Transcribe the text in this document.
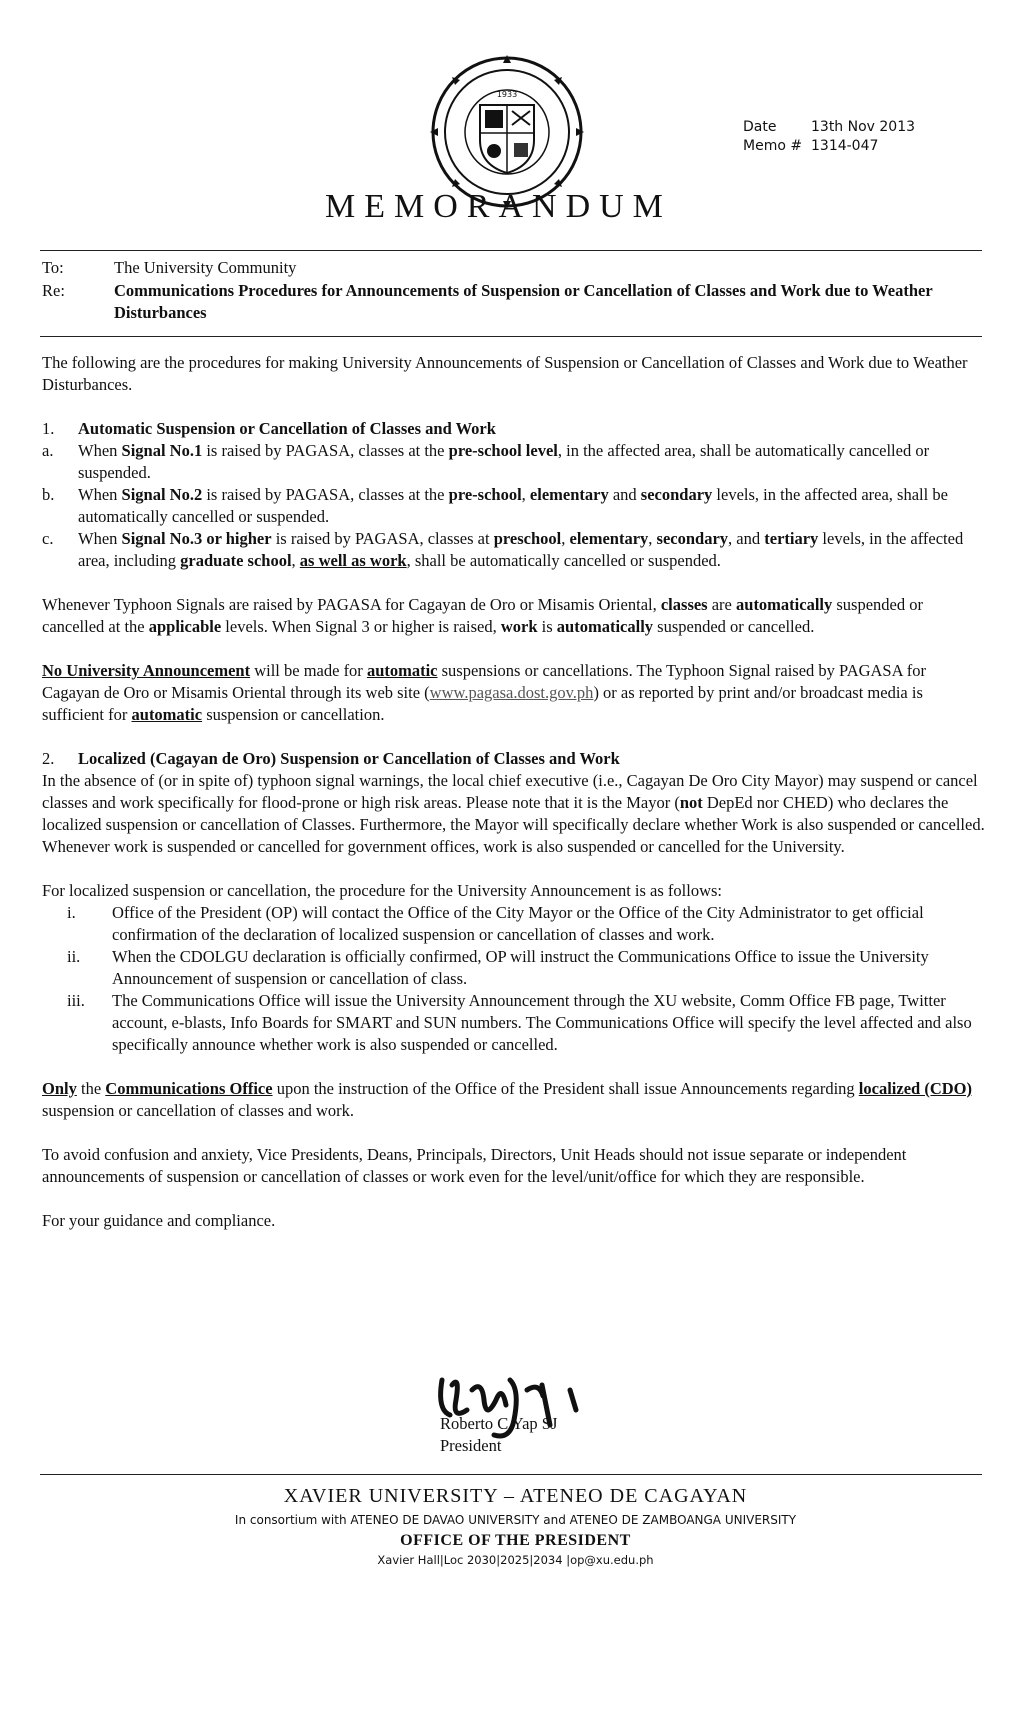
1933
Date 13th Nov 2013
Memo # 1314-047
MEMORANDUM
To:	The University Community
Re:	Communications Procedures for Announcements of Suspension or Cancellation of Classes and Work due to Weather Disturbances

The following are the procedures for making University Announcements of Suspension or Cancellation of Classes and Work due to Weather Disturbances.

1. Automatic Suspension or Cancellation of Classes and Work
a. When Signal No.1 is raised by PAGASA, classes at the pre-school level, in the affected area, shall be automatically cancelled or suspended.
b. When Signal No.2 is raised by PAGASA, classes at the pre-school, elementary and secondary levels, in the affected area, shall be automatically cancelled or suspended.
c. When Signal No.3 or higher is raised by PAGASA, classes at preschool, elementary, secondary, and tertiary levels, in the affected area, including graduate school, as well as work, shall be automatically cancelled or suspended.

Whenever Typhoon Signals are raised by PAGASA for Cagayan de Oro or Misamis Oriental, classes are automatically suspended or cancelled at the applicable levels. When Signal 3 or higher is raised, work is automatically suspended or cancelled.

No University Announcement will be made for automatic suspensions or cancellations. The Typhoon Signal raised by PAGASA for Cagayan de Oro or Misamis Oriental through its web site (www.pagasa.dost.gov.ph) or as reported by print and/or broadcast media is sufficient for automatic suspension or cancellation.

2. Localized (Cagayan de Oro) Suspension or Cancellation of Classes and Work

In the absence of (or in spite of) typhoon signal warnings, the local chief executive (i.e., Cagayan De Oro City Mayor) may suspend or cancel classes and work specifically for flood-prone or high risk areas. Please note that it is the Mayor (not DepEd nor CHED) who declares the localized suspension or cancellation of Classes. Furthermore, the Mayor will specifically declare whether Work is also suspended or cancelled. Whenever work is suspended or cancelled for government offices, work is also suspended or cancelled for the University.

For localized suspension or cancellation, the procedure for the University Announcement is as follows:

i. Office of the President (OP) will contact the Office of the City Mayor or the Office of the City Administrator to get official confirmation of the declaration of localized suspension or cancellation of classes and work.
ii. When the CDOLGU declaration is officially confirmed, OP will instruct the Communications Office to issue the University Announcement of suspension or cancellation of class.
iii. The Communications Office will issue the University Announcement through the XU website, Comm Office FB page, Twitter account, e-blasts, Info Boards for SMART and SUN numbers. The Communications Office will specify the level affected and also specifically announce whether work is also suspended or cancelled.

Only the Communications Office upon the instruction of the Office of the President shall issue Announcements regarding localized (CDO) suspension or cancellation of classes and work.

To avoid confusion and anxiety, Vice Presidents, Deans, Principals, Directors, Unit Heads should not issue separate or independent announcements of suspension or cancellation of classes or work even for the level/unit/office for which they are responsible.

For your guidance and compliance.

Roberto C Yap SJ
President
XAVIER UNIVERSITY – ATENEO DE CAGAYAN
In consortium with ATENEO DE DAVAO UNIVERSITY and ATENEO DE ZAMBOANGA UNIVERSITY
OFFICE OF THE PRESIDENT
Xavier Hall|Loc 2030|2025|2034 |op@xu.edu.ph
